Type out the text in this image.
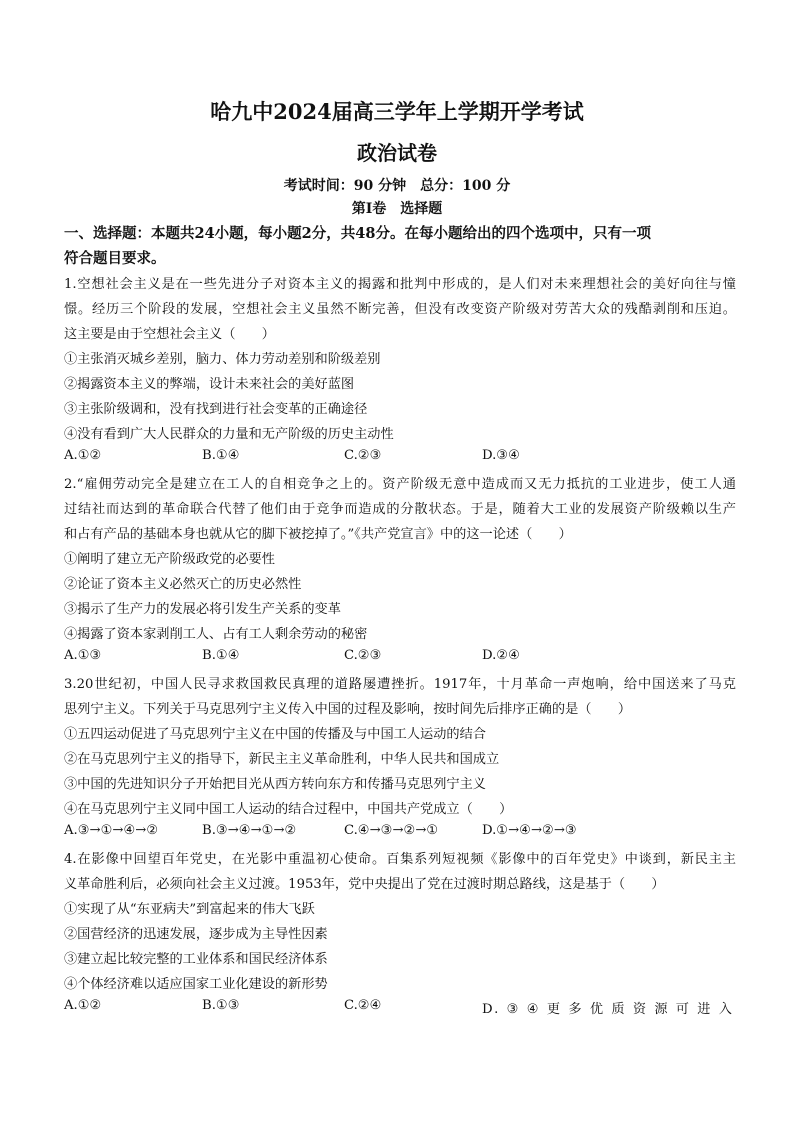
哈九中2024届高三学年上学期开学考试
政治试卷
考试时间：90 分钟　总分：100 分
第Ⅰ卷　选择题
一、选择题：本题共24小题，每小题2分，共48分。在每小题给出的四个选项中，只有一项
符合题目要求。
1.空想社会主义是在一些先进分子对资本主义的揭露和批判中形成的，是人们对未来理想社会的美好向往与憧
憬。经历三个阶段的发展，空想社会主义虽然不断完善，但没有改变资产阶级对劳苦大众的残酷剥削和压迫。
这主要是由于空想社会主义（　　）
①主张消灭城乡差别，脑力、体力劳动差别和阶级差别
②揭露资本主义的弊端，设计未来社会的美好蓝图
③主张阶级调和，没有找到进行社会变革的正确途径
④没有看到广大人民群众的力量和无产阶级的历史主动性
A.①②	B.①④	C.②③	D.③④
2.“雇佣劳动完全是建立在工人的自相竞争之上的。资产阶级无意中造成而又无力抵抗的工业进步，使工人通
过结社而达到的革命联合代替了他们由于竞争而造成的分散状态。于是，随着大工业的发展资产阶级赖以生产
和占有产品的基础本身也就从它的脚下被挖掉了。”《共产党宣言》中的这一论述（　　）
①阐明了建立无产阶级政党的必要性
②论证了资本主义必然灭亡的历史必然性
③揭示了生产力的发展必将引发生产关系的变革
④揭露了资本家剥削工人、占有工人剩余劳动的秘密
A.①③	B.①④	C.②③	D.②④
3.20世纪初，中国人民寻求救国救民真理的道路屡遭挫折。1917年，十月革命一声炮响，给中国送来了马克
思列宁主义。下列关于马克思列宁主义传入中国的过程及影响，按时间先后排序正确的是（　　）
①五四运动促进了马克思列宁主义在中国的传播及与中国工人运动的结合
②在马克思列宁主义的指导下，新民主主义革命胜利，中华人民共和国成立
③中国的先进知识分子开始把目光从西方转向东方和传播马克思列宁主义
④在马克思列宁主义同中国工人运动的结合过程中，中国共产党成立（　　）
A.③→①→④→②	B.③→④→①→②	C.④→③→②→①	D.①→④→②→③
4.在影像中回望百年党史，在光影中重温初心使命。百集系列短视频《影像中的百年党史》中谈到，新民主主
义革命胜利后，必须向社会主义过渡。1953年，党中央提出了党在过渡时期总路线，这是基于（　　）
①实现了从“东亚病夫”到富起来的伟大飞跃
②国营经济的迅速发展，逐步成为主导性因素
③建立起比较完整的工业体系和国民经济体系
④个体经济难以适应国家工业化建设的新形势
A.①②	B.①③	C.②④	D.③④更多优质资源可进入
